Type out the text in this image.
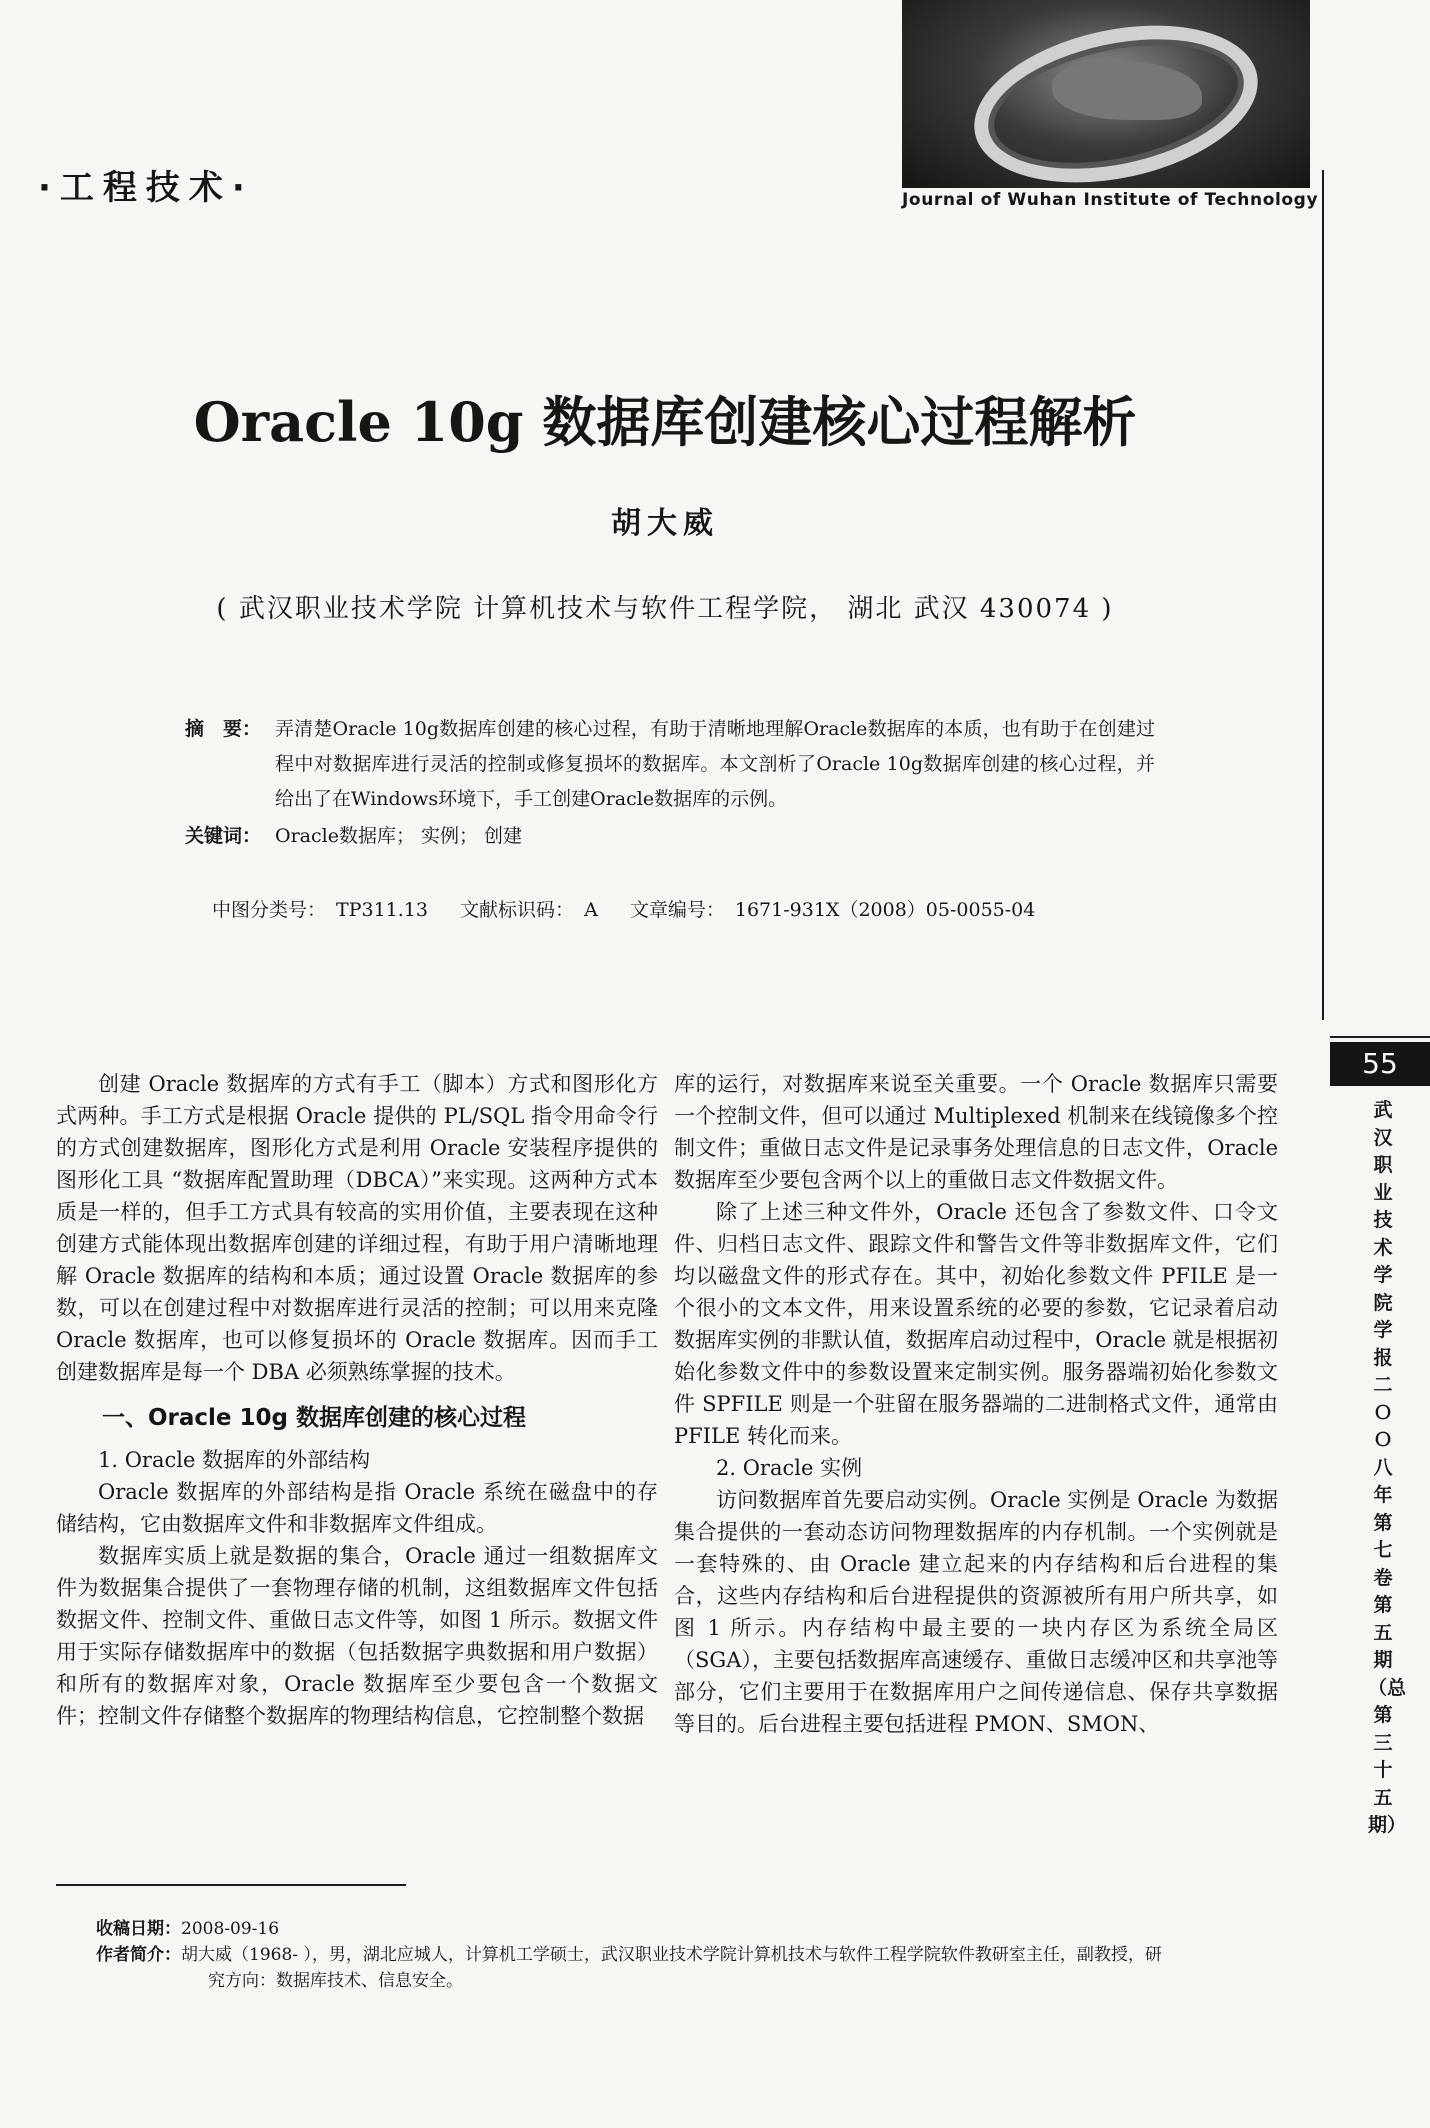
Journal of Wuhan Institute of Technology
·工程技术·
Oracle 10g 数据库创建核心过程解析
胡大威
( 武汉职业技术学院 计算机技术与软件工程学院， 湖北 武汉 430074 )
摘　要： 弄清楚Oracle 10g数据库创建的核心过程，有助于清晰地理解Oracle数据库的本质，也有助于在创建过程中对数据库进行灵活的控制或修复损坏的数据库。本文剖析了Oracle 10g数据库创建的核心过程，并给出了在Windows环境下，手工创建Oracle数据库的示例。
关键词： Oracle数据库； 实例； 创建
中图分类号： TP311.13 文献标识码： A 文章编号： 1671-931X（2008）05-0055-04
55
武汉职业技术学院学报二ＯＯ八年第七卷第五期（总第三十五期）

创建 Oracle 数据库的方式有手工（脚本）方式和图形化方式两种。手工方式是根据 Oracle 提供的 PL/SQL 指令用命令行的方式创建数据库，图形化方式是利用 Oracle 安装程序提供的图形化工具 “数据库配置助理（DBCA）”来实现。这两种方式本质是一样的，但手工方式具有较高的实用价值，主要表现在这种创建方式能体现出数据库创建的详细过程，有助于用户清晰地理解 Oracle 数据库的结构和本质；通过设置 Oracle 数据库的参数，可以在创建过程中对数据库进行灵活的控制；可以用来克隆 Oracle 数据库，也可以修复损坏的 Oracle 数据库。因而手工创建数据库是每一个 DBA 必须熟练掌握的技术。

一、Oracle 10g 数据库创建的核心过程

1. Oracle 数据库的外部结构

Oracle 数据库的外部结构是指 Oracle 系统在磁盘中的存储结构，它由数据库文件和非数据库文件组成。

数据库实质上就是数据的集合，Oracle 通过一组数据库文件为数据集合提供了一套物理存储的机制，这组数据库文件包括数据文件、控制文件、重做日志文件等，如图 1 所示。数据文件用于实际存储数据库中的数据（包括数据字典数据和用户数据）和所有的数据库对象，Oracle 数据库至少要包含一个数据文件；控制文件存储整个数据库的物理结构信息，它控制整个数据

库的运行，对数据库来说至关重要。一个 Oracle 数据库只需要一个控制文件，但可以通过 Multiplexed 机制来在线镜像多个控制文件；重做日志文件是记录事务处理信息的日志文件，Oracle 数据库至少要包含两个以上的重做日志文件数据文件。

除了上述三种文件外，Oracle 还包含了参数文件、口令文件、归档日志文件、跟踪文件和警告文件等非数据库文件，它们均以磁盘文件的形式存在。其中，初始化参数文件 PFILE 是一个很小的文本文件，用来设置系统的必要的参数，它记录着启动数据库实例的非默认值，数据库启动过程中，Oracle 就是根据初始化参数文件中的参数设置来定制实例。服务器端初始化参数文件 SPFILE 则是一个驻留在服务器端的二进制格式文件，通常由 PFILE 转化而来。

2. Oracle 实例

访问数据库首先要启动实例。Oracle 实例是 Oracle 为数据集合提供的一套动态访问物理数据库的内存机制。一个实例就是一套特殊的、由 Oracle 建立起来的内存结构和后台进程的集合，这些内存结构和后台进程提供的资源被所有用户所共享，如图 1 所示。内存结构中最主要的一块内存区为系统全局区（SGA），主要包括数据库高速缓存、重做日志缓冲区和共享池等部分，它们主要用于在数据库用户之间传递信息、保存共享数据等目的。后台进程主要包括进程 PMON、SMON、

收稿日期：2008-09-16
作者简介：胡大威（1968- ），男，湖北应城人，计算机工学硕士，武汉职业技术学院计算机技术与软件工程学院软件教研室主任，副教授，研
究方向：数据库技术、信息安全。
